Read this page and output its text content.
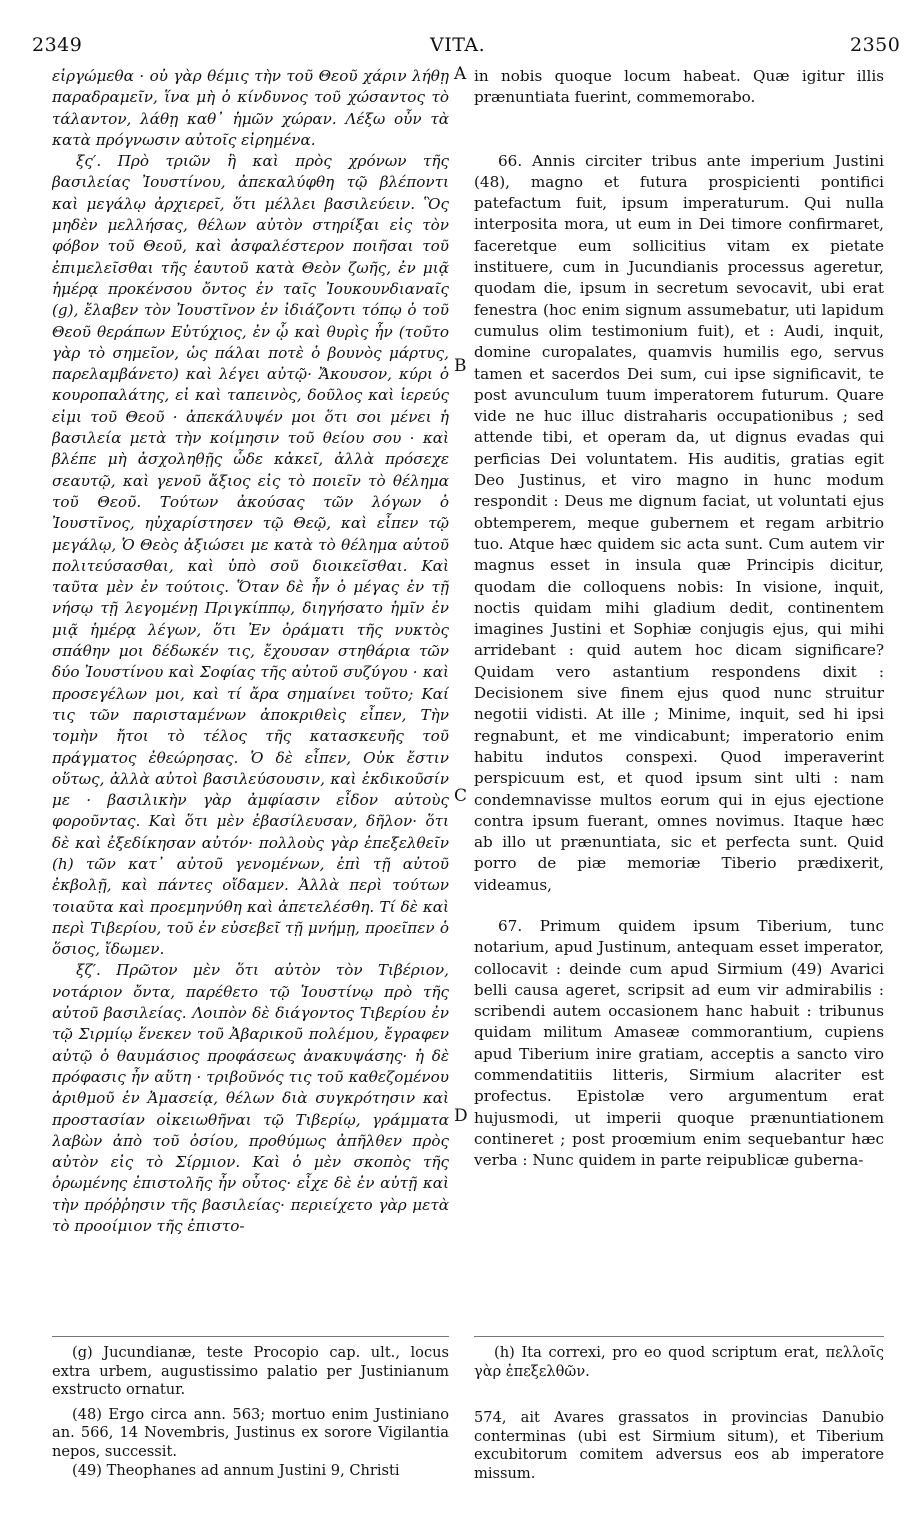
2349	VITA.	2350

εἰργώμεθα · οὐ γὰρ θέμις τὴν τοῦ Θεοῦ χάριν λήθῃ παραδραμεῖν, ἵνα μὴ ὁ κίνδυνος τοῦ χώσαντος τὸ τάλαντον, λάθῃ καθ᾽ ἡμῶν χώραν. Λέξω οὖν τὰ κατὰ πρόγνωσιν αὐτοῖς εἰρημένα.

ξς′. Πρὸ τριῶν ἢ καὶ πρὸς χρόνων τῆς βασιλείας Ἰουστίνου, ἀπεκαλύφθη τῷ βλέποντι καὶ μεγάλῳ ἀρχιερεῖ, ὅτι μέλλει βασιλεύειν. Ὃς μηδὲν μελλήσας, θέλων αὐτὸν στηρίξαι εἰς τὸν φόβον τοῦ Θεοῦ, καὶ ἀσφαλέστερον ποιῆσαι τοῦ ἐπιμελεῖσθαι τῆς ἑαυτοῦ κατὰ Θεὸν ζωῆς, ἐν μιᾷ ἡμέρᾳ προκένσου ὄντος ἐν ταῖς Ἰουκουνδιαναῖς (g), ἔλαβεν τὸν Ἰουστῖνον ἐν ἰδιάζοντι τόπῳ ὁ τοῦ Θεοῦ θεράπων Εὐτύχιος, ἐν ᾧ καὶ θυρὶς ἦν (τοῦτο γὰρ τὸ σημεῖον, ὡς πάλαι ποτὲ ὁ βουνὸς μάρτυς, παρελαμβάνετο) καὶ λέγει αὐτῷ· Ἄκουσον, κύρι ὁ κουροπαλάτης, εἰ καὶ ταπεινὸς, δοῦλος καὶ ἱερεύς εἰμι τοῦ Θεοῦ · ἀπεκάλυψέν μοι ὅτι σοι μένει ἡ βασιλεία μετὰ τὴν κοίμησιν τοῦ θείου σου · καὶ βλέπε μὴ ἀσχοληθῇς ὧδε κἀκεῖ, ἀλλὰ πρόσεχε σεαυτῷ, καὶ γενοῦ ἄξιος εἰς τὸ ποιεῖν τὸ θέλημα τοῦ Θεοῦ. Τούτων ἀκούσας τῶν λόγων ὁ Ἰουστῖνος, ηὐχαρίστησεν τῷ Θεῷ, καὶ εἶπεν τῷ μεγάλῳ, Ὁ Θεὸς ἀξιώσει με κατὰ τὸ θέλημα αὐτοῦ πολιτεύσασθαι, καὶ ὑπὸ σοῦ διοικεῖσθαι. Καὶ ταῦτα μὲν ἐν τούτοις. Ὅταν δὲ ἦν ὁ μέγας ἐν τῇ νήσῳ τῇ λεγομένῃ Πριγκίππῳ, διηγήσατο ἡμῖν ἐν μιᾷ ἡμέρᾳ λέγων, ὅτι Ἐν ὁράματι τῆς νυκτὸς σπάθην μοι δέδωκέν τις, ἔχουσαν στηθάρια τῶν δύο Ἰουστίνου καὶ Σοφίας τῆς αὐτοῦ συζύγου · καὶ προσεγέλων μοι, καὶ τί ἄρα σημαίνει τοῦτο; Καί τις τῶν παρισταμένων ἀποκριθεὶς εἶπεν, Τὴν τομὴν ἤτοι τὸ τέλος τῆς κατασκευῆς τοῦ πράγματος ἐθεώρησας. Ὁ δὲ εἶπεν, Οὐκ ἔστιν οὕτως, ἀλλὰ αὐτοὶ βασιλεύσουσιν, καὶ ἐκδικοῦσίν με · βασιλικὴν γὰρ ἀμφίασιν εἶδον αὐτοὺς φοροῦντας. Καὶ ὅτι μὲν ἐβασίλευσαν, δῆλον· ὅτι δὲ καὶ ἐξεδίκησαν αὐτόν· πολλοὺς γὰρ ἐπεξελθεῖν (h) τῶν κατ᾽ αὐτοῦ γενομένων, ἐπὶ τῇ αὐτοῦ ἐκβολῇ, καὶ πάντες οἴδαμεν. Ἀλλὰ περὶ τούτων τοιαῦτα καὶ προεμηνύθη καὶ ἀπετελέσθη. Τί δὲ καὶ περὶ Τιβερίου, τοῦ ἐν εὐσεβεῖ τῇ μνήμῃ, προεῖπεν ὁ ὅσιος, ἴδωμεν.

ξζ′. Πρῶτον μὲν ὅτι αὐτὸν τὸν Τιβέριον, νοτάριον ὄντα, παρέθετο τῷ Ἰουστίνῳ πρὸ τῆς αὐτοῦ βασιλείας. Λοιπὸν δὲ διάγοντος Τιβερίου ἐν τῷ Σιρμίῳ ἕνεκεν τοῦ Ἀβαρικοῦ πολέμου, ἔγραφεν αὐτῷ ὁ θαυμάσιος προφάσεως ἀνακυψάσης· ἡ δὲ πρόφασις ἦν αὕτη · τριβοῦνός τις τοῦ καθεζομένου ἀριθμοῦ ἐν Ἀμασείᾳ, θέλων διὰ συγκρότησιν καὶ προστασίαν οἰκειωθῆναι τῷ Τιβερίῳ, γράμματα λαβὼν ἀπὸ τοῦ ὁσίου, προθύμως ἀπῆλθεν πρὸς αὐτὸν εἰς τὸ Σίρμιον. Καὶ ὁ μὲν σκοπὸς τῆς ὁρωμένης ἐπιστολῆς ἦν οὗτος· εἶχε δὲ ἐν αὐτῇ καὶ τὴν πρόῤῥησιν τῆς βασιλείας· περιείχετο γὰρ μετὰ τὸ προοίμιον τῆς ἐπιστο-

in nobis quoque locum habeat. Quæ igitur illis prænuntiata fuerint, commemorabo.

66. Annis circiter tribus ante imperium Justini (48), magno et futura prospicienti pontifici patefactum fuit, ipsum imperaturum. Qui nulla interposita mora, ut eum in Dei timore confirmaret, faceretque eum sollicitius vitam ex pietate instituere, cum in Jucundianis processus ageretur, quodam die, ipsum in secretum sevocavit, ubi erat fenestra (hoc enim signum assumebatur, uti lapidum cumulus olim testimonium fuit), et : Audi, inquit, domine curopalates, quamvis humilis ego, servus tamen et sacerdos Dei sum, cui ipse significavit, te post avunculum tuum imperatorem futurum. Quare vide ne huc illuc distraharis occupationibus ; sed attende tibi, et operam da, ut dignus evadas qui perficias Dei voluntatem. His auditis, gratias egit Deo Justinus, et viro magno in hunc modum respondit : Deus me dignum faciat, ut voluntati ejus obtemperem, meque gubernem et regam arbitrio tuo. Atque hæc quidem sic acta sunt. Cum autem vir magnus esset in insula quæ Principis dicitur, quodam die colloquens nobis: In visione, inquit, noctis quidam mihi gladium dedit, continentem imagines Justini et Sophiæ conjugis ejus, qui mihi arridebant : quid autem hoc dicam significare? Quidam vero astantium respondens dixit : Decisionem sive finem ejus quod nunc struitur negotii vidisti. At ille ; Minime, inquit, sed hi ipsi regnabunt, et me vindicabunt; imperatorio enim habitu indutos conspexi. Quod imperaverint perspicuum est, et quod ipsum sint ulti : nam condemnavisse multos eorum qui in ejus ejectione contra ipsum fuerant, omnes novimus. Itaque hæc ab illo ut prænuntiata, sic et perfecta sunt. Quid porro de piæ memoriæ Tiberio prædixerit, videamus,

67. Primum quidem ipsum Tiberium, tunc notarium, apud Justinum, antequam esset imperator, collocavit : deinde cum apud Sirmium (49) Avarici belli causa ageret, scripsit ad eum vir admirabilis : scribendi autem occasionem hanc habuit : tribunus quidam militum Amaseæ commorantium, cupiens apud Tiberium inire gratiam, acceptis a sancto viro commendatitiis litteris, Sirmium alacriter est profectus. Epistolæ vero argumentum erat hujusmodi, ut imperii quoque prænuntiationem contineret ; post proœmium enim sequebantur hæc verba : Nunc quidem in parte reipublicæ guberna-

A
B
C
D

(g) Jucundianæ, teste Procopio cap. ult., locus extra urbem, augustissimo palatio per Justinianum exstructo ornatur.

(48) Ergo circa ann. 563; mortuo enim Justiniano an. 566, 14 Novembris, Justinus ex sorore Vigilantia nepos, successit.

(49) Theophanes ad annum Justini 9, Christi

(h) Ita correxi, pro eo quod scriptum erat, πελλοῖς γὰρ ἐπεξελθῶν.

574, ait Avares grassatos in provincias Danubio conterminas (ubi est Sirmium situm), et Tiberium excubitorum comitem adversus eos ab imperatore missum.
